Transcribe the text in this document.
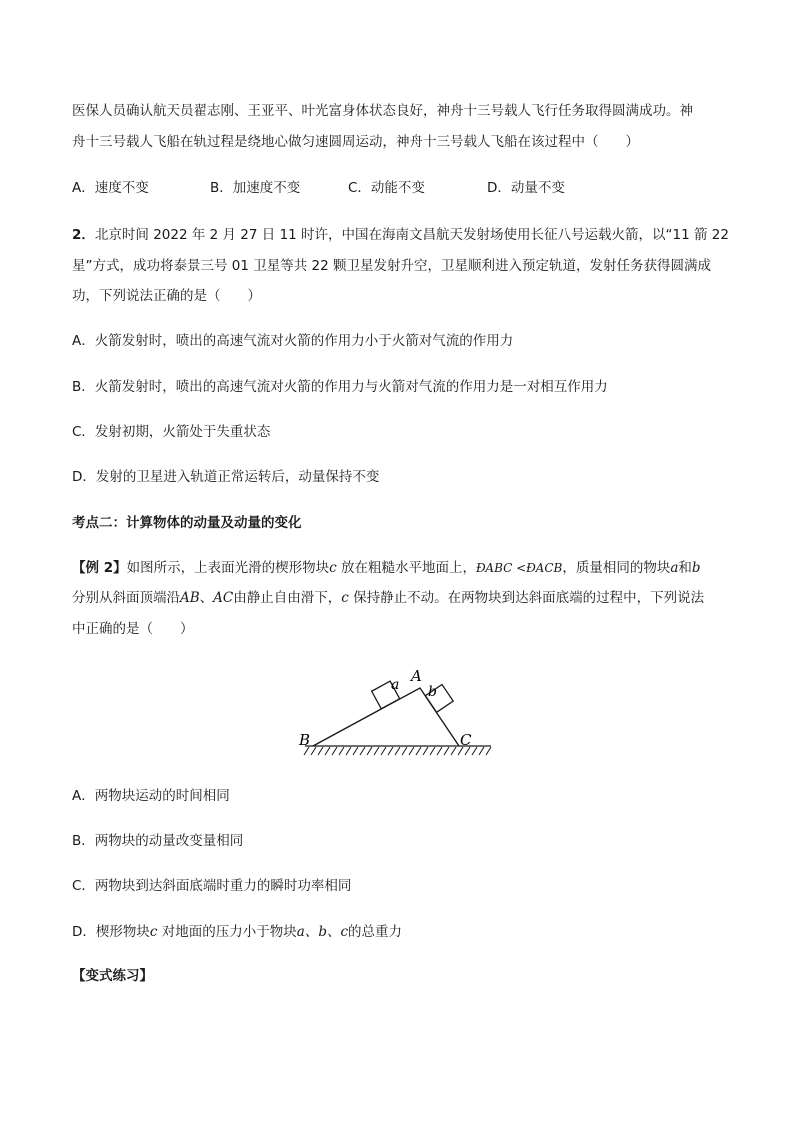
医保人员确认航天员翟志刚、王亚平、叶光富身体状态良好，神舟十三号载人飞行任务取得圆满成功。神
舟十三号载人飞船在轨过程是绕地心做匀速圆周运动，神舟十三号载人飞船在该过程中（　　）
A．速度不变	B．加速度不变	C．动能不变	D．动量不变
2．北京时间 2022 年 2 月 27 日 11 时许，中国在海南文昌航天发射场使用长征八号运载火箭，以“11 箭 22
星”方式，成功将泰景三号 01 卫星等共 22 颗卫星发射升空，卫星顺利进入预定轨道，发射任务获得圆满成
功，下列说法正确的是（　　）
A．火箭发射时，喷出的高速气流对火箭的作用力小于火箭对气流的作用力
B．火箭发射时，喷出的高速气流对火箭的作用力与火箭对气流的作用力是一对相互作用力
C．发射初期，火箭处于失重状态
D．发射的卫星进入轨道正常运转后，动量保持不变
考点二：计算物体的动量及动量的变化
【例 2】如图所示，上表面光滑的楔形物块c 放在粗糙水平地面上，ÐABC <ÐACB，质量相同的物块a和b
分别从斜面顶端沿AB、AC由静止自由滑下，c 保持静止不动。在两物块到达斜面底端的过程中，下列说法
中正确的是（　　）
a b
A
B	C
A．两物块运动的时间相同
B．两物块的动量改变量相同
C．两物块到达斜面底端时重力的瞬时功率相同
D．楔形物块c 对地面的压力小于物块a、b、c的总重力
【变式练习】
